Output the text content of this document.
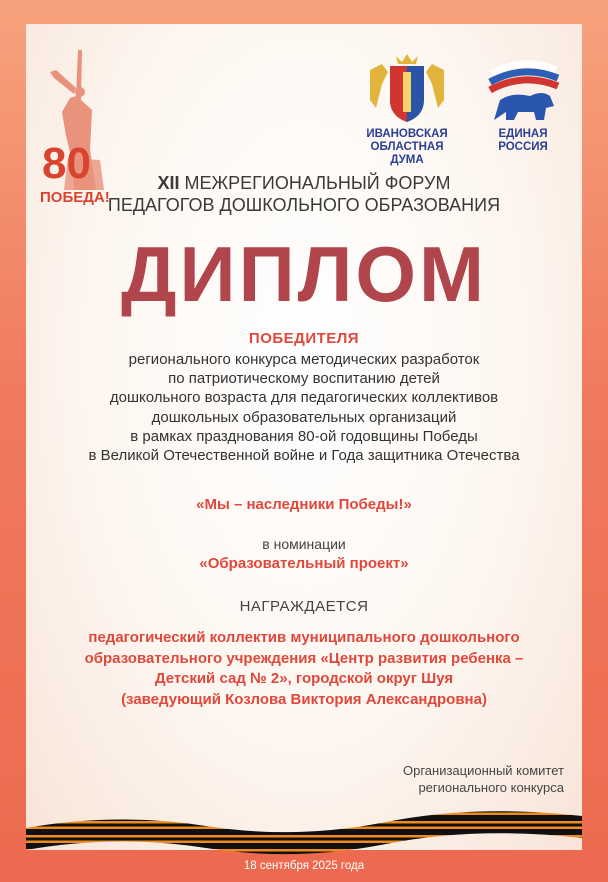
80
ПОБЕДА!
ИВАНОВСКАЯ ОБЛАСТНАЯ ДУМА
ЕДИНАЯ РОССИЯ
XII МЕЖРЕГИОНАЛЬНЫЙ ФОРУМ
ПЕДАГОГОВ ДОШКОЛЬНОГО ОБРАЗОВАНИЯ
ДИПЛОМ
ПОБЕДИТЕЛЯ
регионального конкурса методических разработок
по патриотическому воспитанию детей
дошкольного возраста для педагогических коллективов
дошкольных образовательных организаций
в рамках празднования 80-ой годовщины Победы
в Великой Отечественной войне и Года защитника Отечества
«Мы – наследники Победы!»
в номинации
«Образовательный проект»
НАГРАЖДАЕТСЯ
педагогический коллектив муниципального дошкольного
образовательного учреждения «Центр развития ребенка –
Детский сад № 2», городской округ Шуя
(заведующий Козлова Виктория Александровна)
Организационный комитет
регионального конкурса
18 сентября 2025 года
